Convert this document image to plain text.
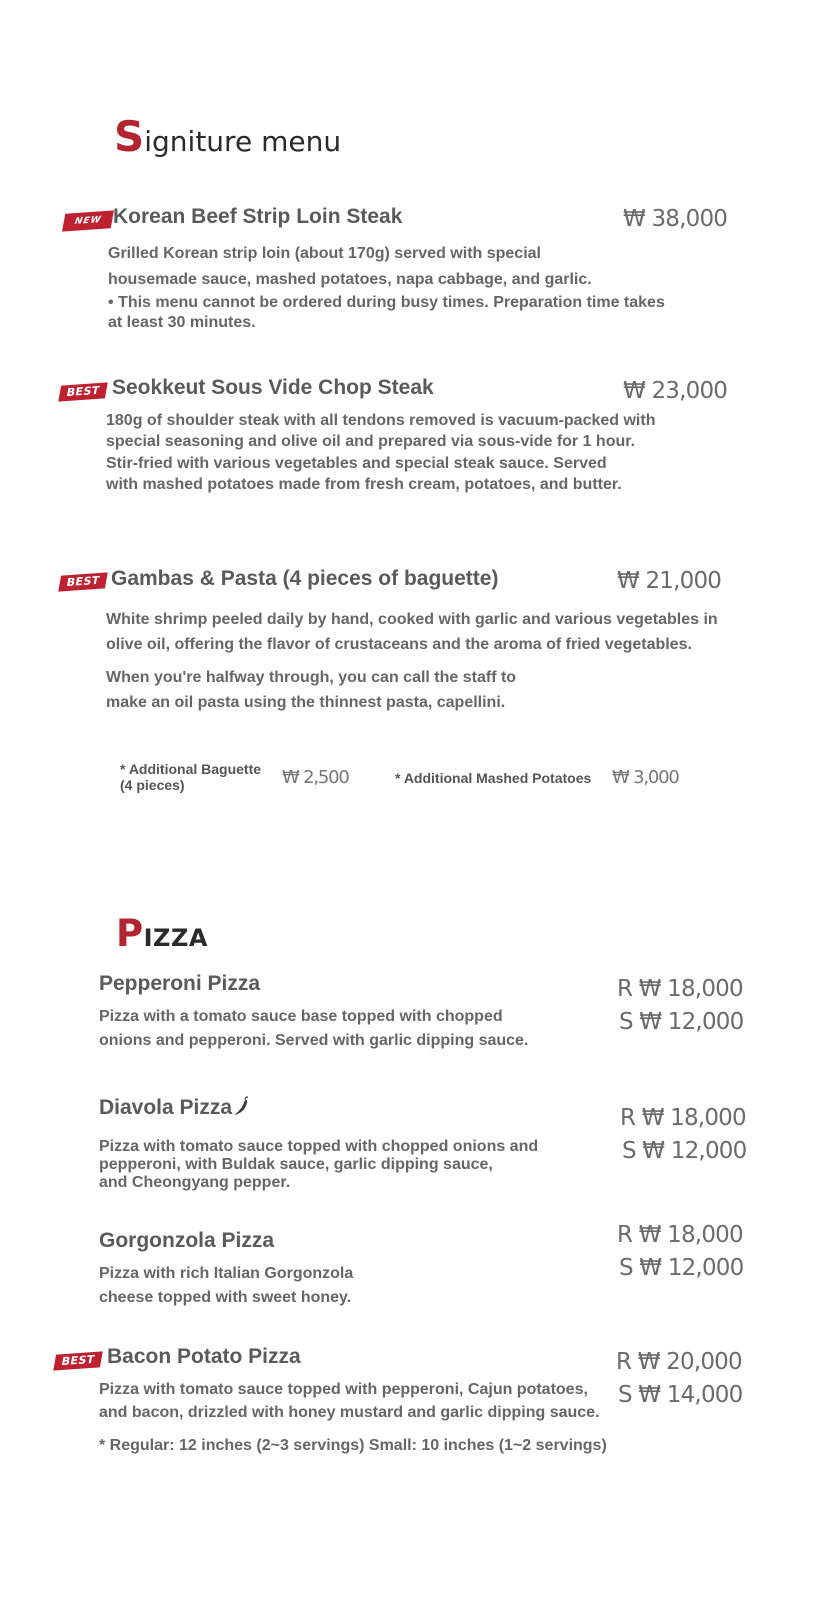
Signiture menu
NEW Korean Beef Strip Loin Steak	₩ 38,000
Grilled Korean strip loin (about 170g) served with special
housemade sauce, mashed potatoes, napa cabbage, and garlic.
• This menu cannot be ordered during busy times. Preparation time takes
at least 30 minutes.
BEST Seokkeut Sous Vide Chop Steak	₩ 23,000
180g of shoulder steak with all tendons removed is vacuum-packed with
special seasoning and olive oil and prepared via sous-vide for 1 hour.
Stir-fried with various vegetables and special steak sauce. Served
with mashed potatoes made from fresh cream, potatoes, and butter.
BEST Gambas & Pasta (4 pieces of baguette)	₩ 21,000
White shrimp peeled daily by hand, cooked with garlic and various vegetables in
olive oil, offering the flavor of crustaceans and the aroma of fried vegetables.
When you're halfway through, you can call the staff to
make an oil pasta using the thinnest pasta, capellini.
* Additional Baguette
(4 pieces)	₩ 2,500	* Additional Mashed Potatoes ₩ 3,000
PIZZA
Pepperoni Pizza	R ₩ 18,000
S ₩ 12,000
Pizza with a tomato sauce base topped with chopped
onions and pepperoni. Served with garlic dipping sauce.
Diavola Pizza	R ₩ 18,000
S ₩ 12,000
Pizza with tomato sauce topped with chopped onions and
pepperoni, with Buldak sauce, garlic dipping sauce,
and Cheongyang pepper.
Gorgonzola Pizza	R ₩ 18,000
S ₩ 12,000
Pizza with rich Italian Gorgonzola
cheese topped with sweet honey.
BEST Bacon Potato Pizza	R ₩ 20,000
S ₩ 14,000
Pizza with tomato sauce topped with pepperoni, Cajun potatoes,
and bacon, drizzled with honey mustard and garlic dipping sauce.
* Regular: 12 inches (2~3 servings) Small: 10 inches (1~2 servings)
